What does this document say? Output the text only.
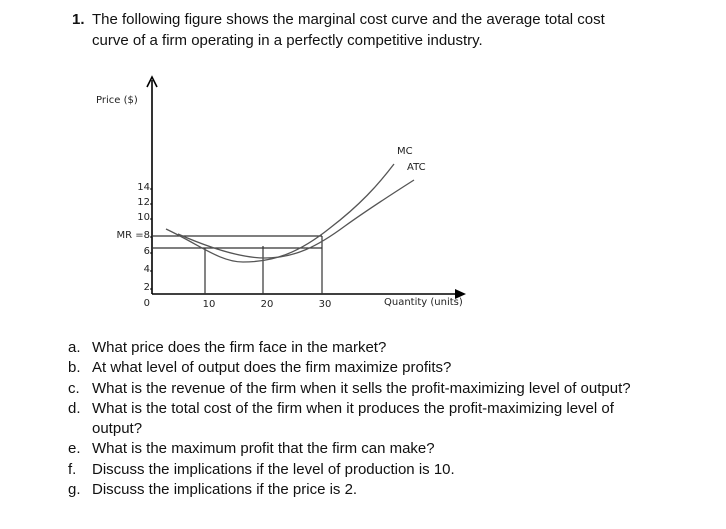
1. The following figure shows the marginal cost curve and the average total cost
curve of a firm operating in a perfectly competitive industry.
Price ($)
Quantity (units)
14
12
10
MR =8
6
4
2
0	10	20	30
MC
ATC
a. What price does the firm face in the market?
b. At what level of output does the firm maximize profits?
c. What is the revenue of the firm when it sells the profit-maximizing level of output?
d. What is the total cost of the firm when it produces the profit-maximizing level of
output?
e. What is the maximum profit that the firm can make?
f. Discuss the implications if the level of production is 10.
g. Discuss the implications if the price is 2.
